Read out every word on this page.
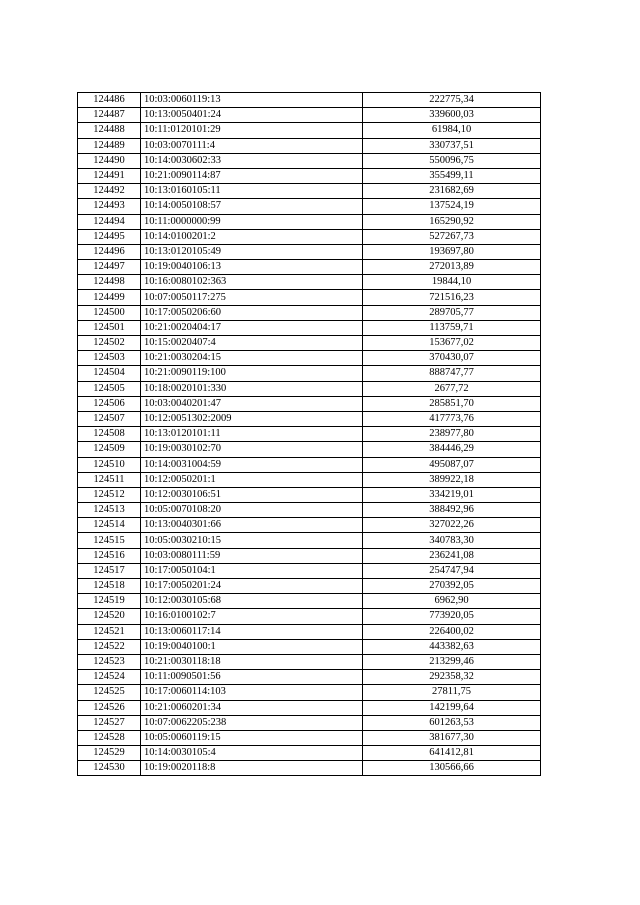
124486	10:03:0060119:13	222775,34
124487	10:13:0050401:24	339600,03
124488	10:11:0120101:29	61984,10
124489	10:03:0070111:4	330737,51
124490	10:14:0030602:33	550096,75
124491	10:21:0090114:87	355499,11
124492	10:13:0160105:11	231682,69
124493	10:14:0050108:57	137524,19
124494	10:11:0000000:99	165290,92
124495	10:14:0100201:2	527267,73
124496	10:13:0120105:49	193697,80
124497	10:19:0040106:13	272013,89
124498	10:16:0080102:363	19844,10
124499	10:07:0050117:275	721516,23
124500	10:17:0050206:60	289705,77
124501	10:21:0020404:17	113759,71
124502	10:15:0020407:4	153677,02
124503	10:21:0030204:15	370430,07
124504	10:21:0090119:100	888747,77
124505	10:18:0020101:330	2677,72
124506	10:03:0040201:47	285851,70
124507	10:12:0051302:2009	417773,76
124508	10:13:0120101:11	238977,80
124509	10:19:0030102:70	384446,29
124510	10:14:0031004:59	495087,07
124511	10:12:0050201:1	389922,18
124512	10:12:0030106:51	334219,01
124513	10:05:0070108:20	388492,96
124514	10:13:0040301:66	327022,26
124515	10:05:0030210:15	340783,30
124516	10:03:0080111:59	236241,08
124517	10:17:0050104:1	254747,94
124518	10:17:0050201:24	270392,05
124519	10:12:0030105:68	6962,90
124520	10:16:0100102:7	773920,05
124521	10:13:0060117:14	226400,02
124522	10:19:0040100:1	443382,63
124523	10:21:0030118:18	213299,46
124524	10:11:0090501:56	292358,32
124525	10:17:0060114:103	27811,75
124526	10:21:0060201:34	142199,64
124527	10:07:0062205:238	601263,53
124528	10:05:0060119:15	381677,30
124529	10:14:0030105:4	641412,81
124530	10:19:0020118:8	130566,66
